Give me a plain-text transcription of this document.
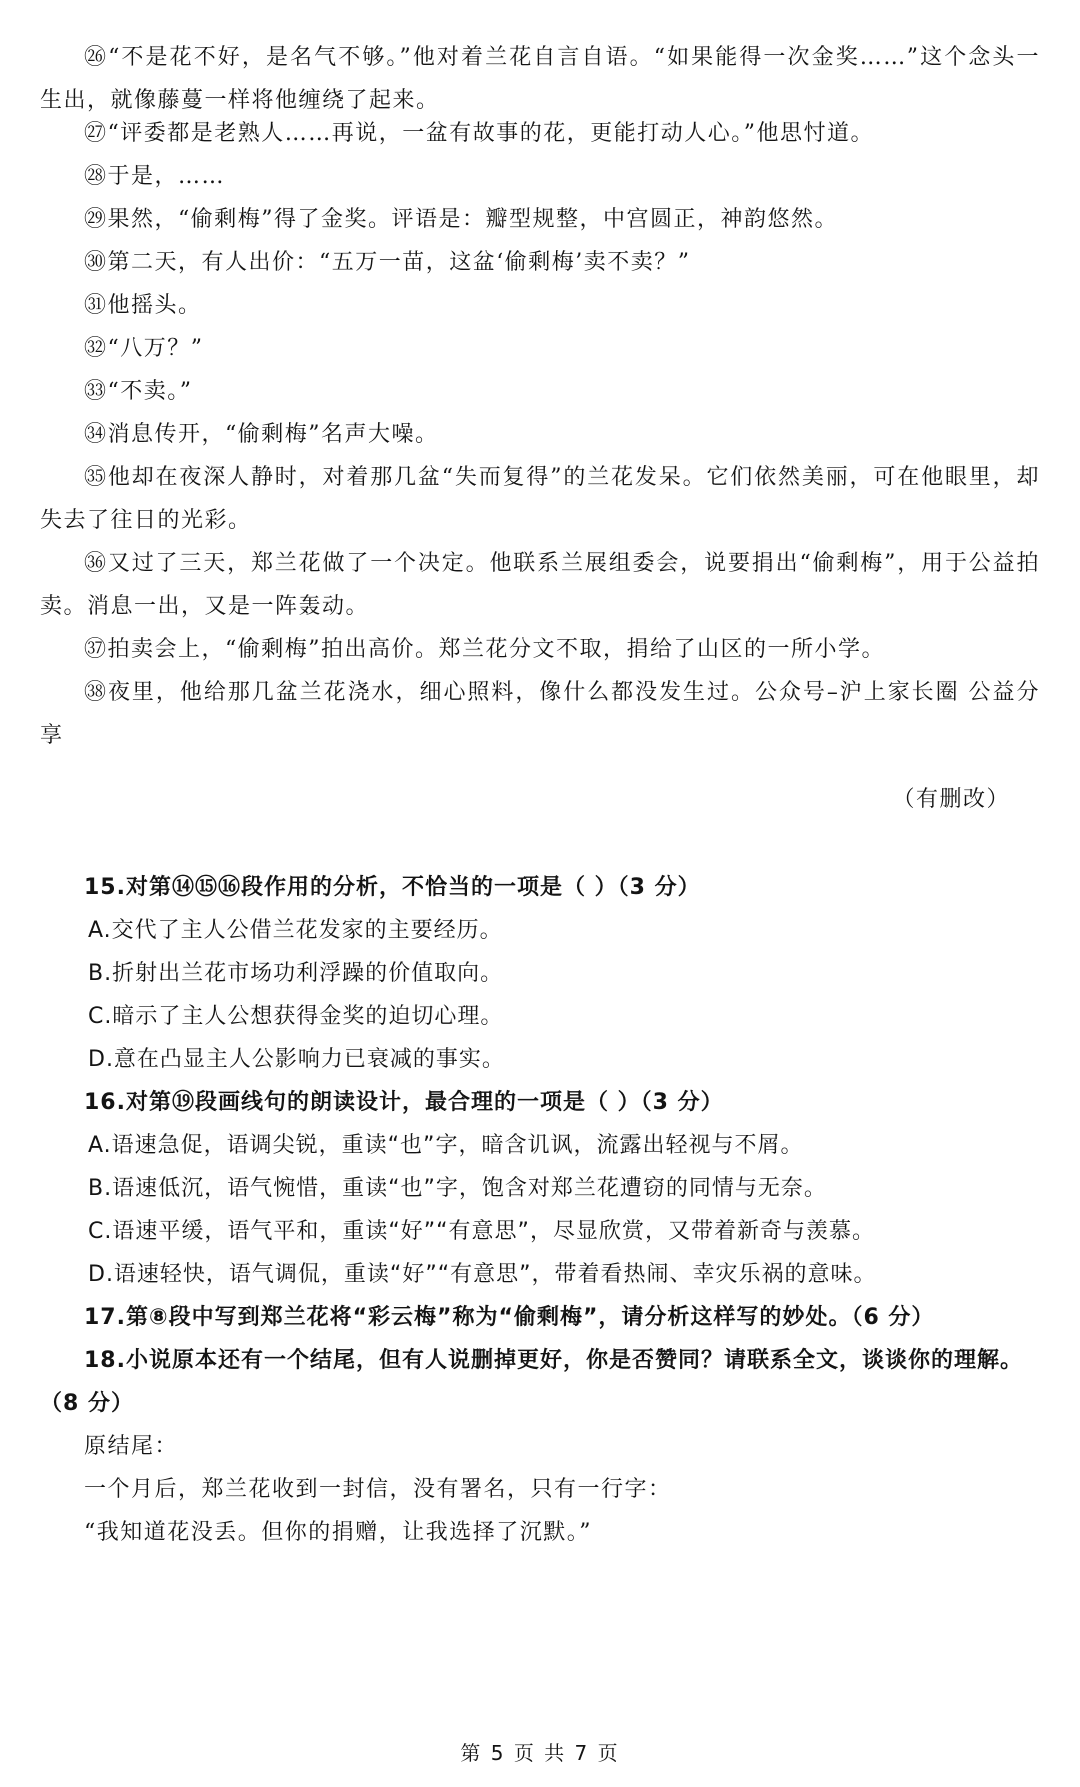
㉖“不是花不好，是名气不够。”他对着兰花自言自语。“如果能得一次金奖……”这个念头一生出，就像藤蔓一样将他缠绕了起来。

㉗“评委都是老熟人……再说，一盆有故事的花，更能打动人心。”他思忖道。

㉘于是，……

㉙果然，“偷剩梅”得了金奖。评语是：瓣型规整，中宫圆正，神韵悠然。

㉚第二天，有人出价：“五万一苗，这盆‘偷剩梅’卖不卖？”

㉛他摇头。

㉜“八万？”

㉝“不卖。”

㉞消息传开，“偷剩梅”名声大噪。

㉟他却在夜深人静时，对着那几盆“失而复得”的兰花发呆。它们依然美丽，可在他眼里，却失去了往日的光彩。

㊱又过了三天，郑兰花做了一个决定。他联系兰展组委会，说要捐出“偷剩梅”，用于公益拍卖。消息一出，又是一阵轰动。

㊲拍卖会上，“偷剩梅”拍出高价。郑兰花分文不取，捐给了山区的一所小学。

㊳夜里，他给那几盆兰花浇水，细心照料，像什么都没发生过。公众号–沪上家长圈 公益分享

（有删改）

15.对第⑭⑮⑯段作用的分析，不恰当的一项是（ ）（3 分）

A.交代了主人公借兰花发家的主要经历。

B.折射出兰花市场功利浮躁的价值取向。

C.暗示了主人公想获得金奖的迫切心理。

D.意在凸显主人公影响力已衰减的事实。

16.对第⑲段画线句的朗读设计，最合理的一项是（ ）（3 分）

A.语速急促，语调尖锐，重读“也”字，暗含讥讽，流露出轻视与不屑。

B.语速低沉，语气惋惜，重读“也”字，饱含对郑兰花遭窃的同情与无奈。

C.语速平缓，语气平和，重读“好”“有意思”，尽显欣赏，又带着新奇与羡慕。

D.语速轻快，语气调侃，重读“好”“有意思”，带着看热闹、幸灾乐祸的意味。

17.第⑧段中写到郑兰花将“彩云梅”称为“偷剩梅”，请分析这样写的妙处。（6 分）

18.小说原本还有一个结尾，但有人说删掉更好，你是否赞同？请联系全文，谈谈你的理解。（8 分）

原结尾：

一个月后，郑兰花收到一封信，没有署名，只有一行字：

“我知道花没丢。但你的捐赠，让我选择了沉默。”

第 5 页 共 7 页
